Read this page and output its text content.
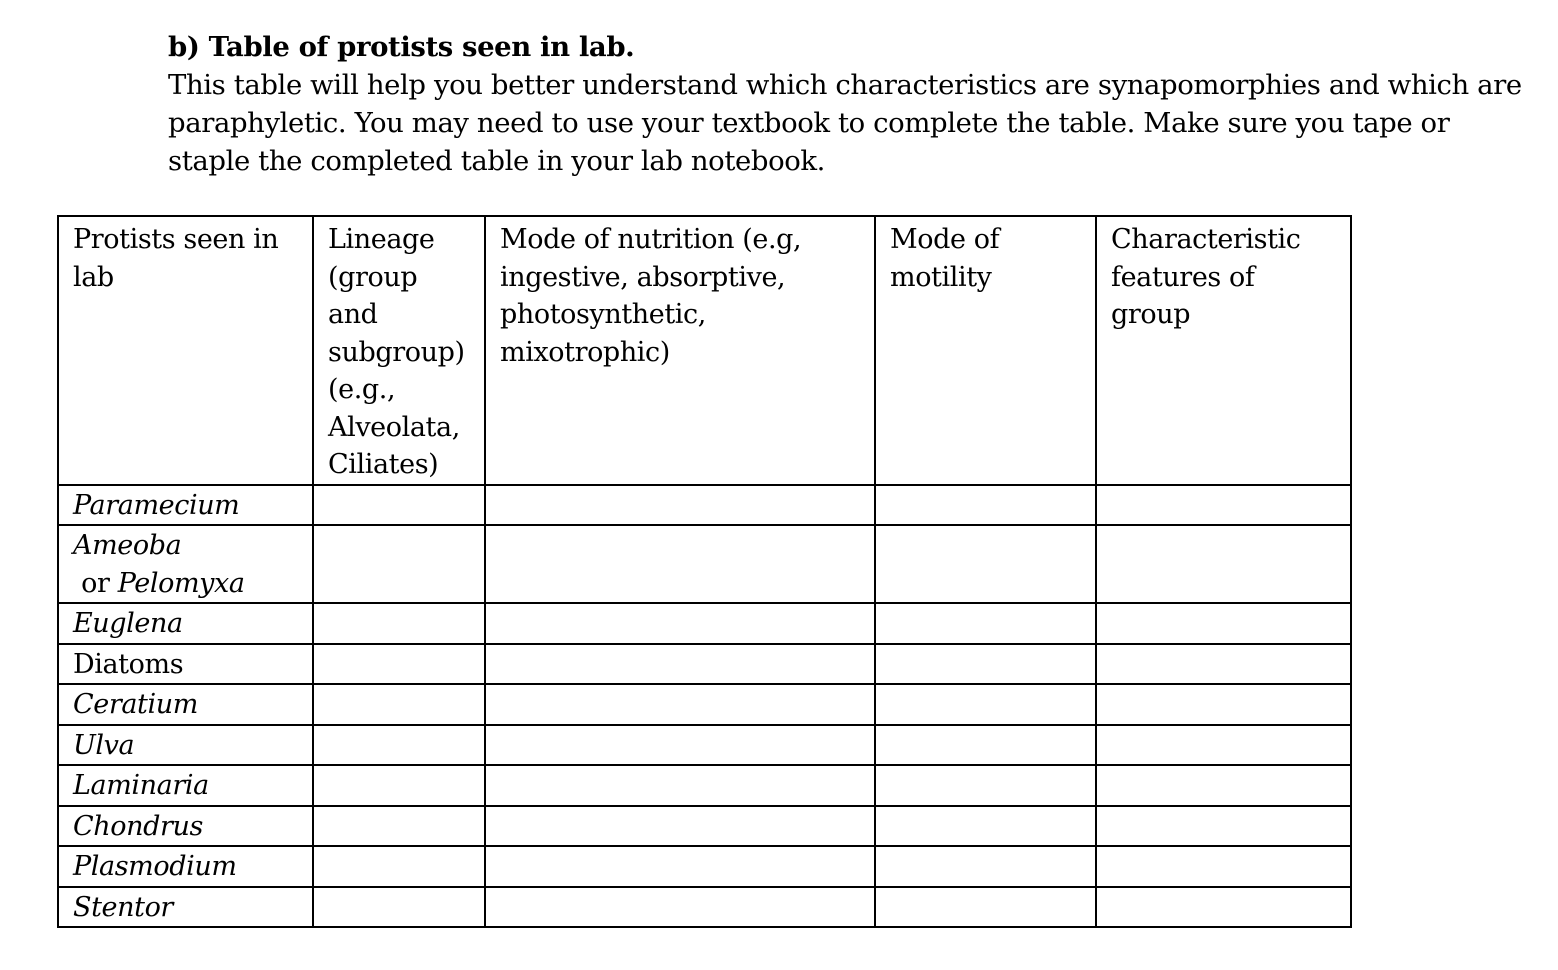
b) Table of protists seen in lab.
This table will help you better understand which characteristics are synapomorphies and which are paraphyletic. You may need to use your textbook to complete the table. Make sure you tape or staple the completed table in your lab notebook.
Protists seen in lab	Lineage (group and subgroup) (e.g., Alveolata, Ciliates)	Mode of nutrition (e.g, ingestive, absorptive, photosynthetic, mixotrophic)	Mode of motility	Characteristic features of group
Paramecium				
Ameoba or Pelomyxa				
Euglena				
Diatoms				
Ceratium				
Ulva				
Laminaria				
Chondrus				
Plasmodium				
Stentor				
